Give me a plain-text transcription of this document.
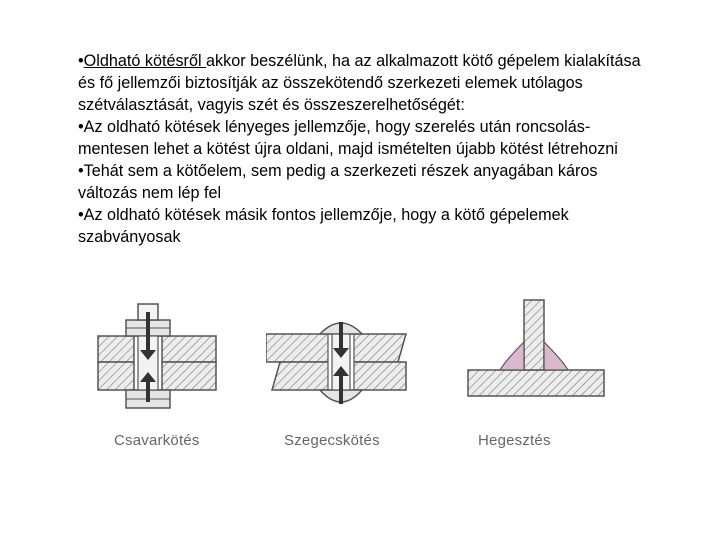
•Oldható kötésről akkor beszélünk, ha az alkalmazott kötő gépelem kialakítása
és fő jellemzői biztosítják az összekötendő szerkezeti elemek utólagos
szétválasztását, vagyis szét és összeszerelhetőségét:

•Az oldható kötések lényeges jellemzője, hogy szerelés után roncsolás-
mentesen lehet a kötést újra oldani, majd ismételten újabb kötést létrehozni

•Tehát sem a kötőelem, sem pedig a szerkezeti részek anyagában káros
változás nem lép fel

•Az oldható kötések másik fontos jellemzője, hogy a kötő gépelemek
szabványosak

Csavarkötés	Szegecskötés	Hegesztés
